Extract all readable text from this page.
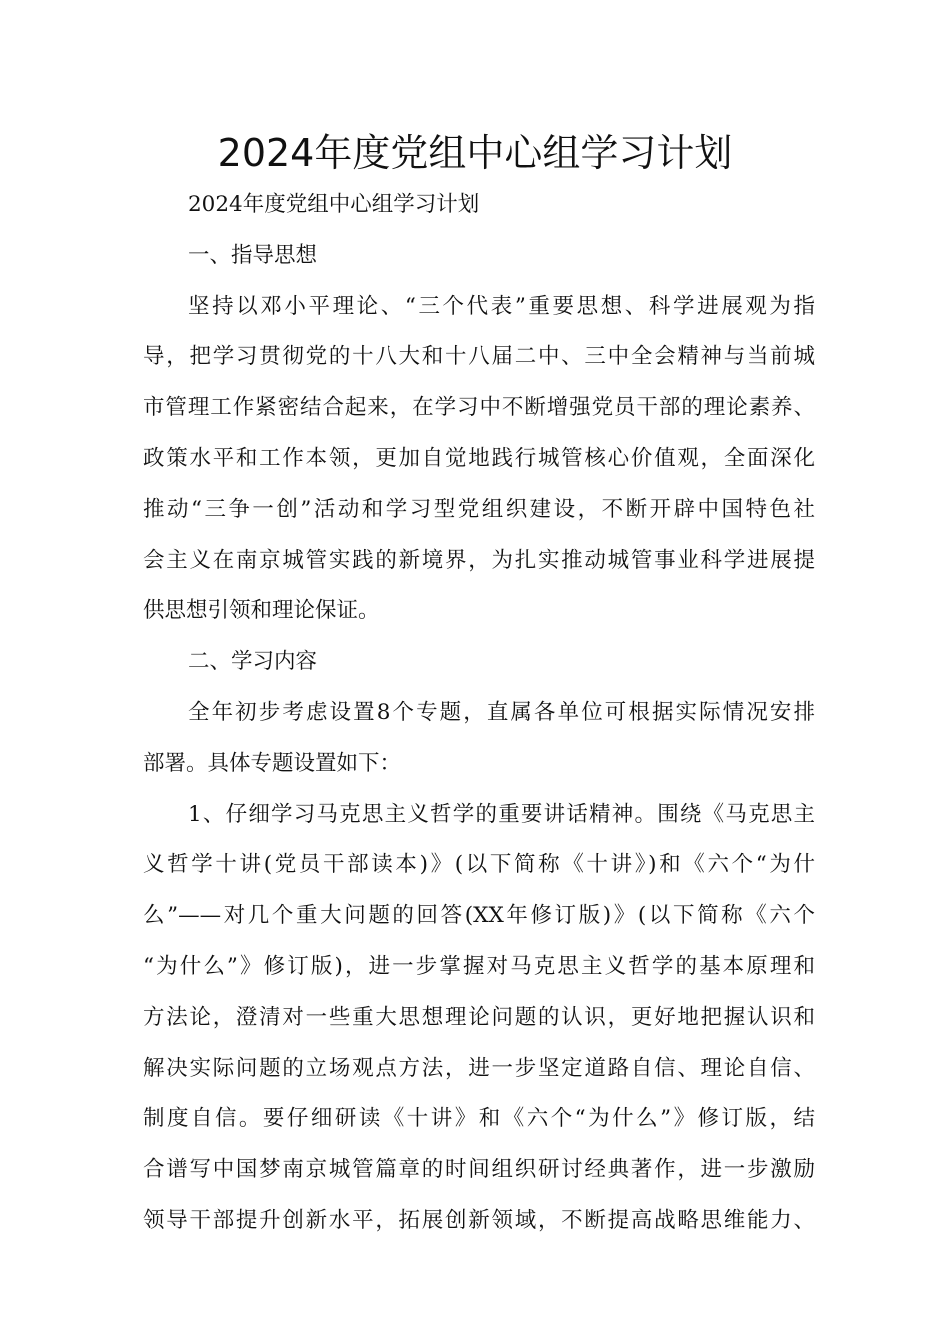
2024年度党组中心组学习计划
2024年度党组中心组学习计划
一、指导思想
坚持以邓小平理论、“三个代表”重要思想、科学进展观为指
导，把学习贯彻党的十八大和十八届二中、三中全会精神与当前城
市管理工作紧密结合起来，在学习中不断增强党员干部的理论素养、
政策水平和工作本领，更加自觉地践行城管核心价值观，全面深化
推动“三争一创”活动和学习型党组织建设，不断开辟中国特色社
会主义在南京城管实践的新境界，为扎实推动城管事业科学进展提
供思想引领和理论保证。
二、学习内容
全年初步考虑设置8个专题，直属各单位可根据实际情况安排
部署。具体专题设置如下：
1、仔细学习马克思主义哲学的重要讲话精神。围绕《马克思主
义哲学十讲(党员干部读本)》(以下简称《十讲》)和《六个“为什
么”——对几个重大问题的回答(XX年修订版)》(以下简称《六个
“为什么”》修订版)，进一步掌握对马克思主义哲学的基本原理和
方法论，澄清对一些重大思想理论问题的认识，更好地把握认识和
解决实际问题的立场观点方法，进一步坚定道路自信、理论自信、
制度自信。要仔细研读《十讲》和《六个“为什么”》修订版，结
合谱写中国梦南京城管篇章的时间组织研讨经典著作，进一步激励
领导干部提升创新水平，拓展创新领域，不断提高战略思维能力、
